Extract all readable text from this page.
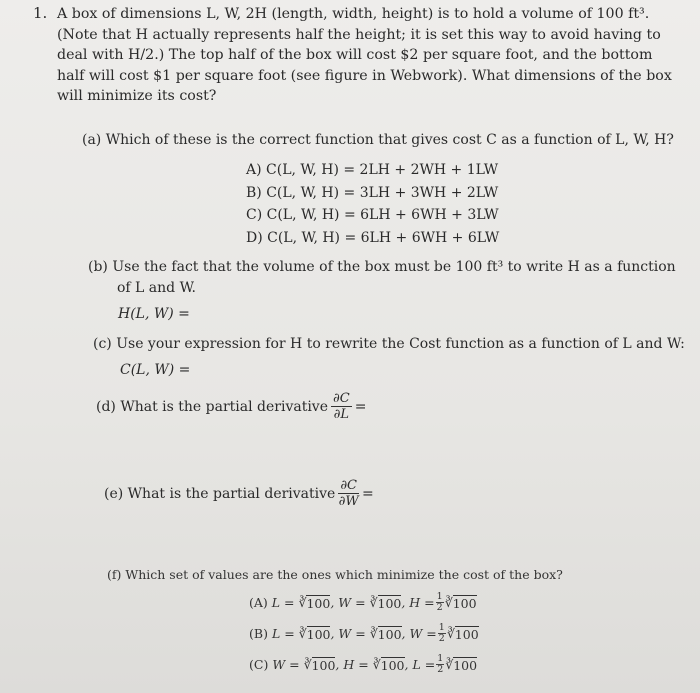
1. A box of dimensions L, W, 2H (length, width, height) is to hold a volume of 100 ft³.
(Note that H actually represents half the height; it is set this way to avoid having to
deal with H/2.) The top half of the box will cost $2 per square foot, and the bottom
half will cost $1 per square foot (see figure in Webwork). What dimensions of the box
will minimize its cost?
(a) Which of these is the correct function that gives cost C as a function of L, W, H?
A) C(L, W, H) = 2LH + 2WH + 1LW
B) C(L, W, H) = 3LH + 3WH + 2LW
C) C(L, W, H) = 6LH + 6WH + 3LW
D) C(L, W, H) = 6LH + 6WH + 6LW
(b) Use the fact that the volume of the box must be 100 ft³ to write H as a function
of L and W.
H(L, W) =
(c) Use your expression for H to rewrite the Cost function as a function of L and W:
C(L, W) =
(d) What is the partial derivative $\frac{\partial C}{\partial L}$ =
(e) What is the partial derivative $\frac{\partial C}{\partial W}$ =
(f) Which set of values are the ones which minimize the cost of the box?
(A)
L = ∛ 100 , W = ∛ 100 , $H = \frac{1}{2}$ ∛ 100
(B)
L = ∛ 100 , W = ∛ 100 , $W = \frac{1}{2}$ ∛ 100
(C)
W = ∛ 100 , H = ∛ 100 , $L = \frac{1}{2}$ ∛ 100
